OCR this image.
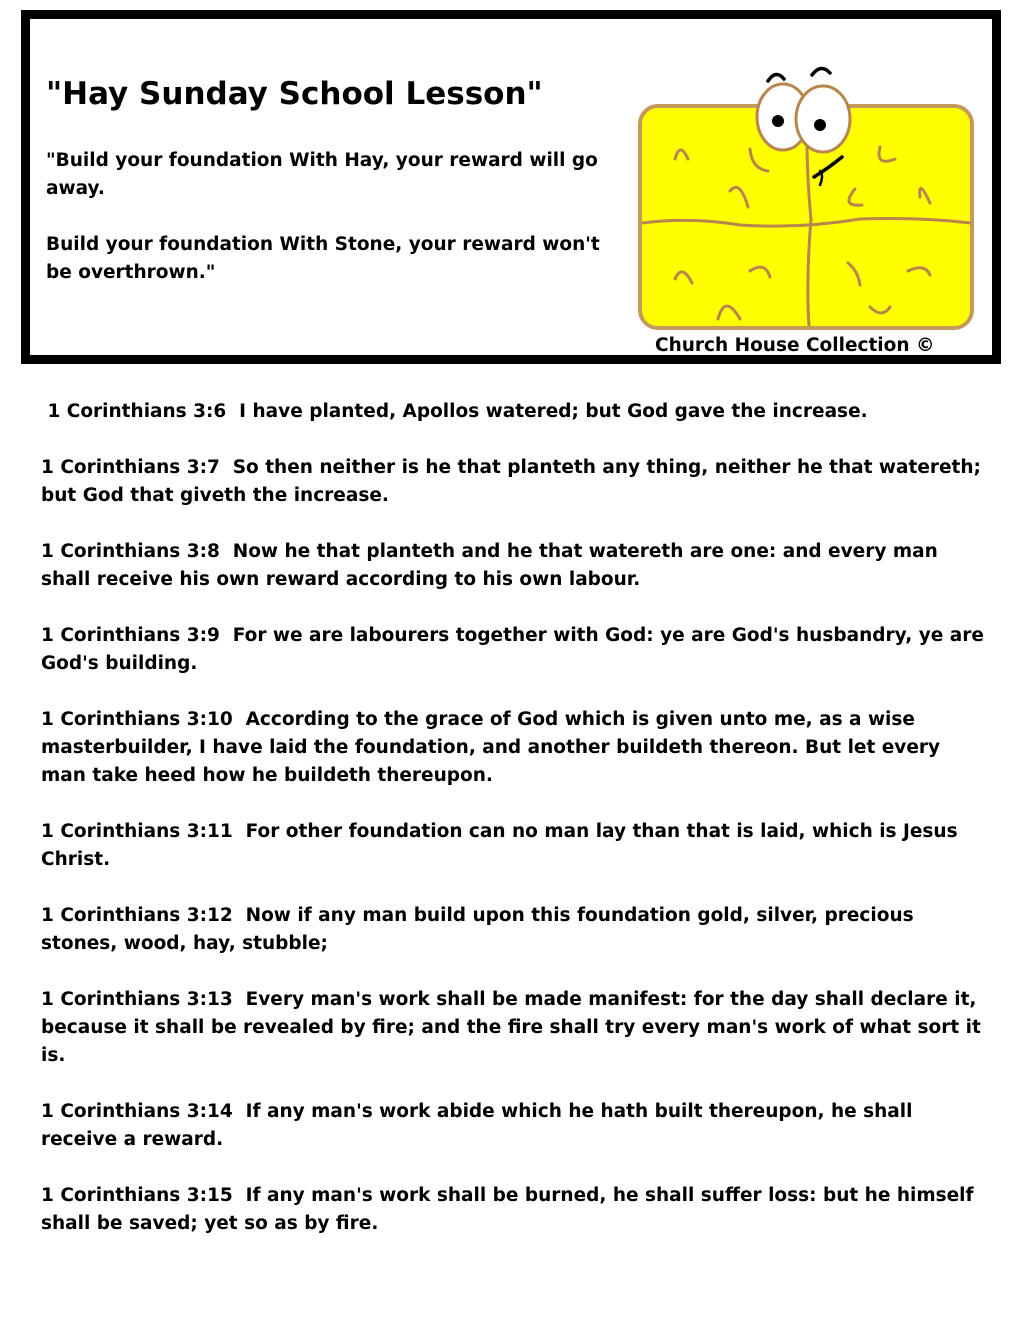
"Hay Sunday School Lesson"

"Build your foundation With Hay, your reward will go away.

Build your foundation With Stone, your reward won't be overthrown."

Church House Collection ©

1 Corinthians 3:6 I have planted, Apollos watered; but God gave the increase.

1 Corinthians 3:7 So then neither is he that planteth any thing, neither he that watereth; but God that giveth the increase.

1 Corinthians 3:8 Now he that planteth and he that watereth are one: and every man shall receive his own reward according to his own labour.

1 Corinthians 3:9 For we are labourers together with God: ye are God's husbandry, ye are God's building.

1 Corinthians 3:10 According to the grace of God which is given unto me, as a wise masterbuilder, I have laid the foundation, and another buildeth thereon. But let every man take heed how he buildeth thereupon.

1 Corinthians 3:11 For other foundation can no man lay than that is laid, which is Jesus Christ.

1 Corinthians 3:12 Now if any man build upon this foundation gold, silver, precious stones, wood, hay, stubble;

1 Corinthians 3:13 Every man's work shall be made manifest: for the day shall declare it, because it shall be revealed by fire; and the fire shall try every man's work of what sort it is.

1 Corinthians 3:14 If any man's work abide which he hath built thereupon, he shall receive a reward.

1 Corinthians 3:15 If any man's work shall be burned, he shall suffer loss: but he himself shall be saved; yet so as by fire.
